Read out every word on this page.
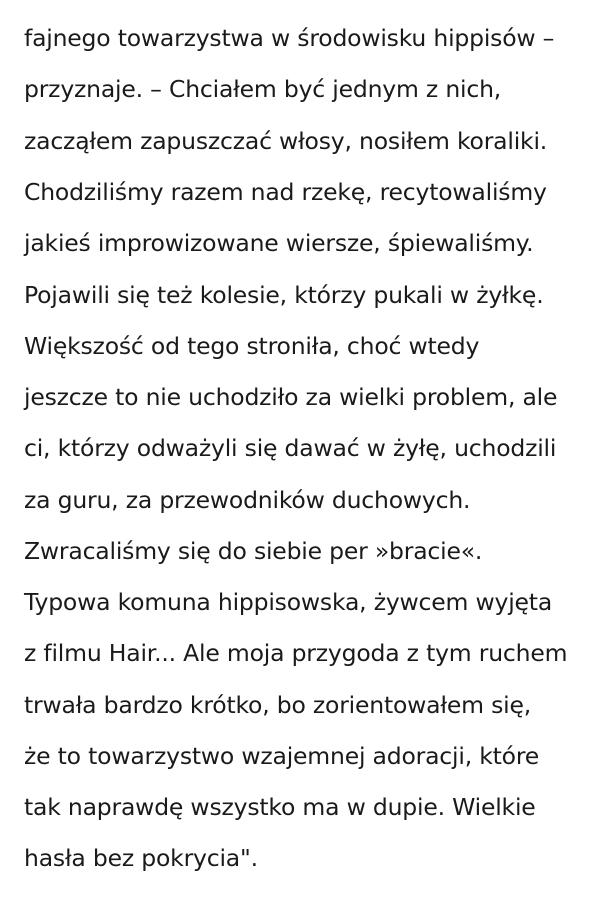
fajnego towarzystwa w środowisku hippisów –
przyznaje. – Chciałem być jednym z nich,
zacząłem zapuszczać włosy, nosiłem koraliki.
Chodziliśmy razem nad rzekę, recytowaliśmy
jakieś improwizowane wiersze, śpiewaliśmy.
Pojawili się też kolesie, którzy pukali w żyłkę.
Większość od tego stroniła, choć wtedy
jeszcze to nie uchodziło za wielki problem, ale
ci, którzy odważyli się dawać w żyłę, uchodzili
za guru, za przewodników duchowych.
Zwracaliśmy się do siebie per »bracie«.
Typowa komuna hippisowska, żywcem wyjęta
z filmu Hair... Ale moja przygoda z tym ruchem
trwała bardzo krótko, bo zorientowałem się,
że to towarzystwo wzajemnej adoracji, które
tak naprawdę wszystko ma w dupie. Wielkie
hasła bez pokrycia".
